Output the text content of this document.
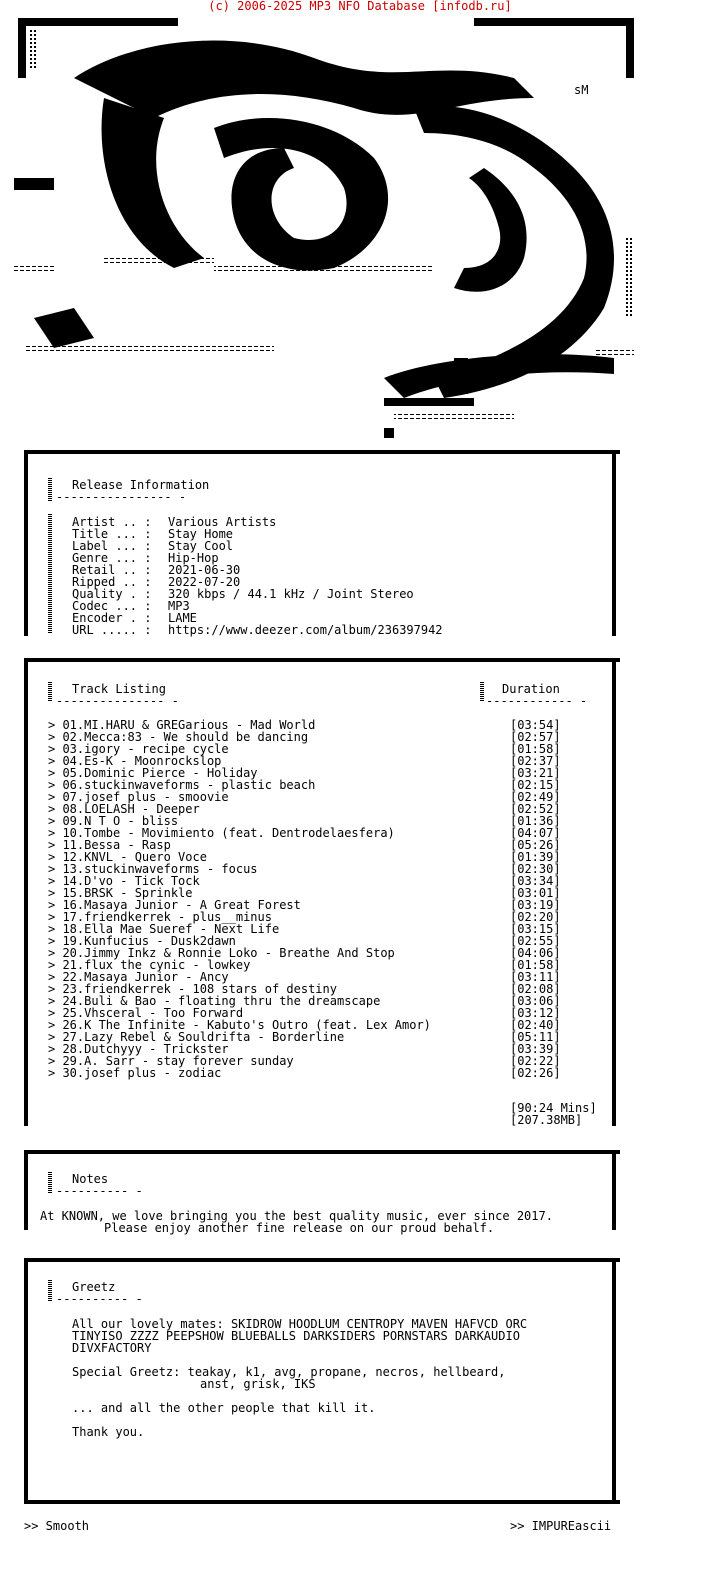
(c) 2006-2025 MP3 NFO Database [infodb.ru]
sM
Release Information
---------------- -
Artist .. : Various Artists
Title ... : Stay Home
Label ... : Stay Cool
Genre ... : Hip-Hop
Retail .. : 2021-06-30
Ripped .. : 2022-07-20
Quality . : 320 kbps / 44.1 kHz / Joint Stereo
Codec ... : MP3
Encoder . : LAME
URL ..... : https://www.deezer.com/album/236397942
Track Listing
--------------- -
Duration
------------ -
> 01.MI.HARU & GREGarious - Mad World	[03:54]
> 02.Mecca:83 - We should be dancing	[02:57]
> 03.igory - recipe cycle	[01:58]
> 04.Es-K - Moonrockslop	[02:37]
> 05.Dominic Pierce - Holiday	[03:21]
> 06.stuckinwaveforms - plastic beach	[02:15]
> 07.josef plus - smoovie	[02:49]
> 08.LOELASH - Deeper	[02:52]
> 09.N T O - bliss	[01:36]
> 10.Tombe - Movimiento (feat. Dentrodelaesfera)	[04:07]
> 11.Bessa - Rasp	[05:26]
> 12.KNVL - Quero Voce	[01:39]
> 13.stuckinwaveforms - focus	[02:30]
> 14.D'vo - Tick Tock	[03:34]
> 15.BRSK - Sprinkle	[03:01]
> 16.Masaya Junior - A Great Forest	[03:19]
> 17.friendkerrek - plus__minus	[02:20]
> 18.Ella Mae Sueref - Next Life	[03:15]
> 19.Kunfucius - Dusk2dawn	[02:55]
> 20.Jimmy Inkz & Ronnie Loko - Breathe And Stop	[04:06]
> 21.flux the cynic - lowkey	[01:58]
> 22.Masaya Junior - Ancy	[03:11]
> 23.friendkerrek - 108 stars of destiny	[02:08]
> 24.Buli & Bao - floating thru the dreamscape	[03:06]
> 25.Vhsceral - Too Forward	[03:12]
> 26.K The Infinite - Kabuto's Outro (feat. Lex Amor)	[02:40]
> 27.Lazy Rebel & Souldrifta - Borderline	[05:11]
> 28.Dutchyyy - Trickster	[03:39]
> 29.A. Sarr - stay forever sunday	[02:22]
> 30.josef plus - zodiac	[02:26]
[90:24 Mins]
[207.38MB]
Notes
---------- -
At KNOWN, we love bringing you the best quality music, ever since 2017.
Please enjoy another fine release on our proud behalf.
Greetz
---------- -
All our lovely mates: SKIDROW HOODLUM CENTROPY MAVEN HAFVCD ORC
TINYISO ZZZZ PEEPSHOW BLUEBALLS DARKSIDERS PORNSTARS DARKAUDIO
DIVXFACTORY
Special Greetz: teakay, k1, avg, propane, necros, hellbeard,
anst, grisk, IKS
... and all the other people that kill it.
Thank you.
>> Smooth	>> IMPUREascii
